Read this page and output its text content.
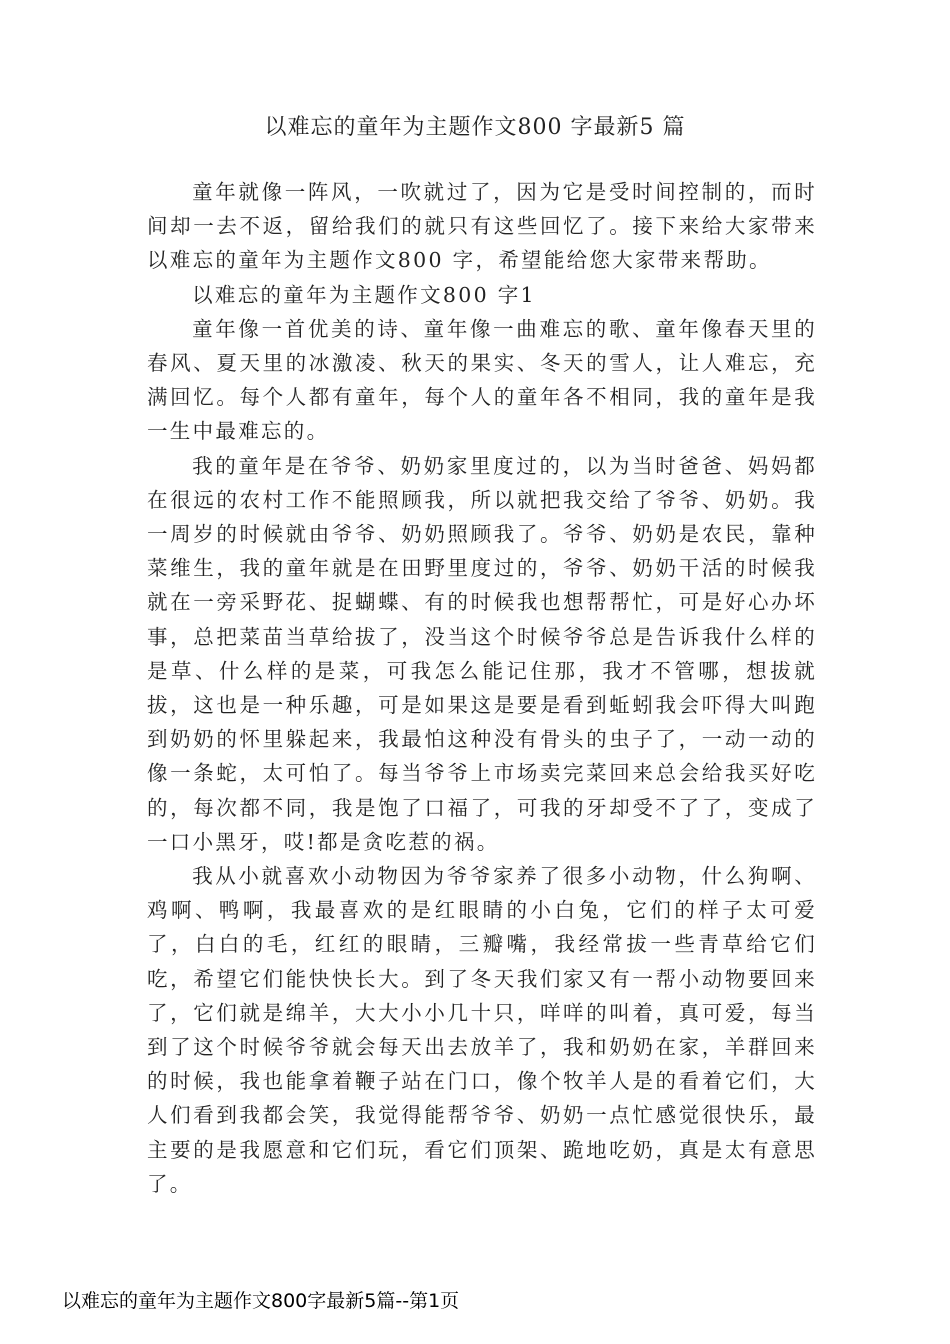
以难忘的童年为主题作文800 字最新5 篇

童年就像一阵风，一吹就过了，因为它是受时间控制的，而时间却一去不返，留给我们的就只有这些回忆了。接下来给大家带来以难忘的童年为主题作文800 字，希望能给您大家带来帮助。

以难忘的童年为主题作文800 字1

童年像一首优美的诗、童年像一曲难忘的歌、童年像春天里的春风、夏天里的冰激凌、秋天的果实、冬天的雪人，让人难忘，充满回忆。每个人都有童年，每个人的童年各不相同，我的童年是我一生中最难忘的。

我的童年是在爷爷、奶奶家里度过的，以为当时爸爸、妈妈都在很远的农村工作不能照顾我，所以就把我交给了爷爷、奶奶。我一周岁的时候就由爷爷、奶奶照顾我了。爷爷、奶奶是农民，靠种菜维生，我的童年就是在田野里度过的，爷爷、奶奶干活的时候我就在一旁采野花、捉蝴蝶、有的时候我也想帮帮忙，可是好心办坏事，总把菜苗当草给拔了，没当这个时候爷爷总是告诉我什么样的是草、什么样的是菜，可我怎么能记住那，我才不管哪，想拔就拔，这也是一种乐趣，可是如果这是要是看到蚯蚓我会吓得大叫跑到奶奶的怀里躲起来，我最怕这种没有骨头的虫子了，一动一动的像一条蛇，太可怕了。每当爷爷上市场卖完菜回来总会给我买好吃的，每次都不同，我是饱了口福了，可我的牙却受不了了，变成了一口小黑牙，哎!都是贪吃惹的祸。

我从小就喜欢小动物因为爷爷家养了很多小动物，什么狗啊、鸡啊、鸭啊，我最喜欢的是红眼睛的小白兔，它们的样子太可爱了，白白的毛，红红的眼睛，三瓣嘴，我经常拔一些青草给它们吃，希望它们能快快长大。到了冬天我们家又有一帮小动物要回来了，它们就是绵羊，大大小小几十只，咩咩的叫着，真可爱，每当到了这个时候爷爷就会每天出去放羊了，我和奶奶在家，羊群回来的时候，我也能拿着鞭子站在门口，像个牧羊人是的看着它们，大人们看到我都会笑，我觉得能帮爷爷、奶奶一点忙感觉很快乐，最主要的是我愿意和它们玩，看它们顶架、跪地吃奶，真是太有意思了。

以难忘的童年为主题作文800字最新5篇--第1页
